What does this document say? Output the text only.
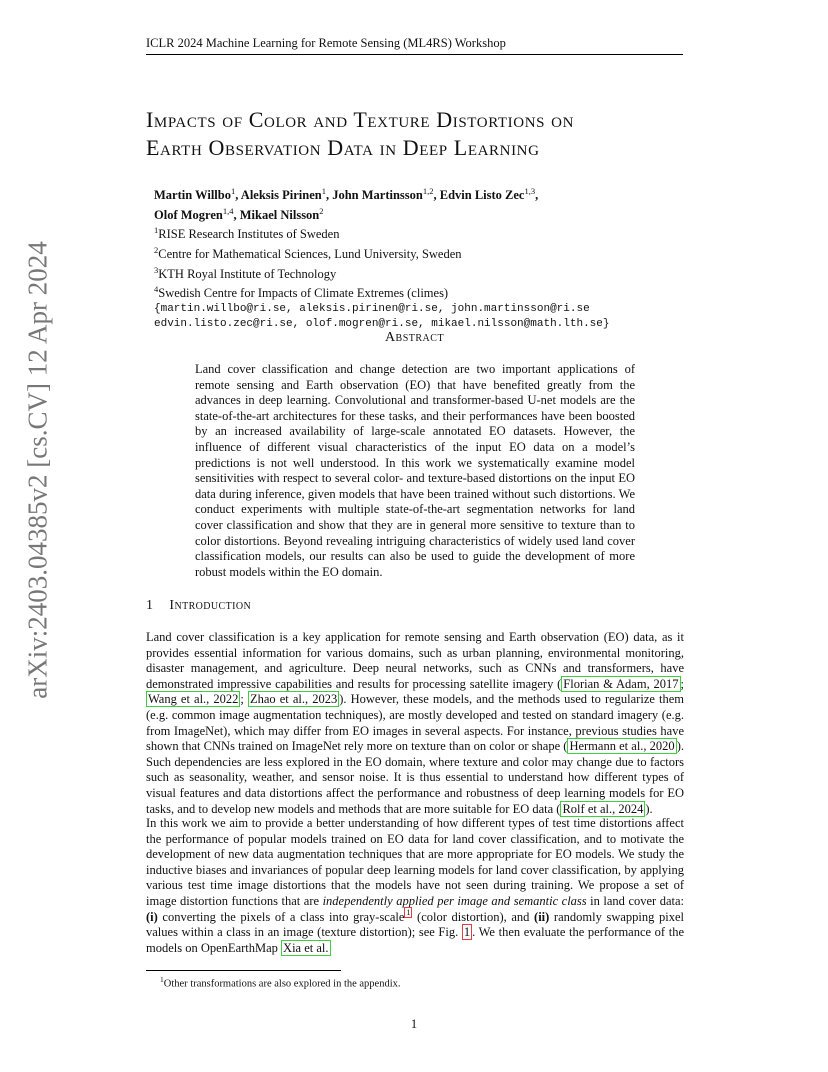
ICLR 2024 Machine Learning for Remote Sensing (ML4RS) Workshop
arXiv:2403.04385v2 [cs.CV] 12 Apr 2024
Impacts of Color and Texture Distortions on
Earth Observation Data in Deep Learning
Martin Willbo$^1$, Aleksis Pirinen$^1$, John Martinsson$^{1,2}$, Edvin Listo Zec$^{1,3}$,
Olof Mogren$^{1,4}$, Mikael Nilsson$^2$
$^1$RISE Research Institutes of Sweden
$^2$Centre for Mathematical Sciences, Lund University, Sweden
$^3$KTH Royal Institute of Technology
$^4$Swedish Centre for Impacts of Climate Extremes (climes)
{martin.willbo@ri.se, aleksis.pirinen@ri.se, john.martinsson@ri.se
edvin.listo.zec@ri.se, olof.mogren@ri.se, mikael.nilsson@math.lth.se}
Abstract
Land cover classification and change detection are two important applications of remote sensing and Earth observation (EO) that have benefited greatly from the advances in deep learning. Convolutional and transformer-based U-net models are the state-of-the-art architectures for these tasks, and their performances have been boosted by an increased availability of large-scale annotated EO datasets. However, the influence of different visual characteristics of the input EO data on a model’s predictions is not well understood. In this work we systematically examine model sensitivities with respect to several color- and texture-based distortions on the input EO data during inference, given models that have been trained without such distortions. We conduct experiments with multiple state-of-the-art segmentation networks for land cover classification and show that they are in general more sensitive to texture than to color distortions. Beyond revealing intriguing characteristics of widely used land cover classification models, our results can also be used to guide the development of more robust models within the EO domain.
1 Introduction
Land cover classification is a key application for remote sensing and Earth observation (EO) data, as it provides essential information for various domains, such as urban planning, environmental monitoring, disaster management, and agriculture. Deep neural networks, such as CNNs and transformers, have demonstrated impressive capabilities and results for processing satellite imagery ( Florian & Adam, 2017 ; Wang et al., 2022 ; Zhao et al., 2023 ). However, these models, and the methods used to regularize them (e.g. common image augmentation techniques), are mostly developed and tested on standard imagery (e.g. from ImageNet), which may differ from EO images in several aspects. For instance, previous studies have shown that CNNs trained on ImageNet rely more on texture than on color or shape ( Hermann et al., 2020 ). Such dependencies are less explored in the EO domain, where texture and color may change due to factors such as seasonality, weather, and sensor noise. It is thus essential to understand how different types of visual features and data distortions affect the performance and robustness of deep learning models for EO tasks, and to develop new models and methods that are more suitable for EO data ( Rolf et al., 2024 ).
In this work we aim to provide a better understanding of how different types of test time distortions affect the performance of popular models trained on EO data for land cover classification, and to motivate the development of new data augmentation techniques that are more appropriate for EO models. We study the inductive biases and invariances of popular deep learning models for land cover classification, by applying various test time image distortions that the models have not seen during training. We propose a set of image distortion functions that are independently applied per image and semantic class in land cover data: (i) converting the pixels of a class into gray-scale $^1$ (color distortion), and (ii) randomly swapping pixel values within a class in an image (texture distortion); see Fig. 1 . We then evaluate the performance of the models on OpenEarthMap Xia et al.
$^1$Other transformations are also explored in the appendix.
1
